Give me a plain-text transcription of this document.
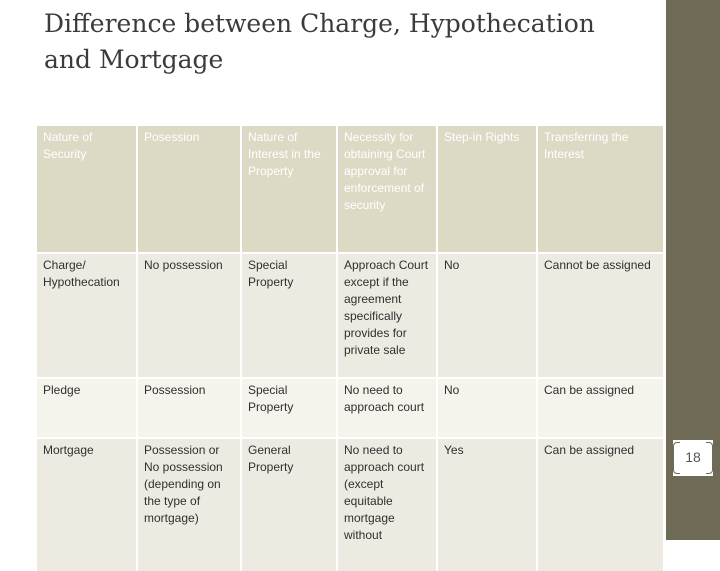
Difference between Charge, Hypothecation
and Mortgage
Nature of Security	Posession	Nature of Interest in the Property	Necessity for obtaining Court approval for enforcement of security	Step-in Rights	Transferring the Interest
Charge/ Hypothecation	No possession	Special Property	Approach Court except if the agreement specifically provides for private sale	No	Cannot be assigned
Pledge	Possession	Special Property	No need to approach court	No	Can be assigned
Mortgage	Possession or No possession (depending on the type of mortgage)	General Property	No need to approach court (except equitable mortgage without	Yes	Can be assigned	18
